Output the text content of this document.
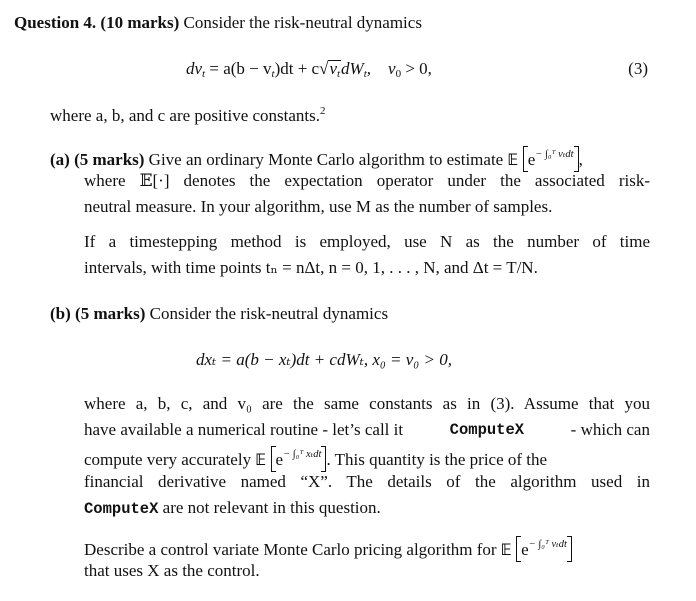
Question 4. (10 marks) Consider the risk-neutral dynamics
$dv_t = a(b - v_t)dt + c√v_tdW_t$,    $v_0 > 0$,	(3)
where a, b, and c are positive constants.$^2$
(a) (5 marks) Give an ordinary Monte Carlo algorithm to estimate 𝔼 $e^{- \int_0ᵀ v_tdt}$ ,
where 𝔼[·] denotes the expectation operator under the associated risk-
neutral measure. In your algorithm, use M as the number of samples.
If a timestepping method is employed, use N as the number of time
intervals, with time points tₙ = nΔt, n = 0, 1, . . . , N, and Δt = T/N.
(b) (5 marks) Consider the risk-neutral dynamics
dxₜ = a(b − xₜ)dt + cdWₜ, x₀ = v₀ > 0,
where a, b, c, and v₀ are the same constants as in (3). Assume that you
have available a numerical routine - let’s call it	ComputeX	- which can
compute very accurately 𝔼 $e^{- \int_0ᵀ x_tdt}$ . This quantity is the price of the
financial derivative named “X”. The details of the algorithm used in
ComputeX are not relevant in this question.
Describe a control variate Monte Carlo pricing algorithm for 𝔼 $e^{- \int_0ᵀ v_tdt}$
that uses X as the control.
